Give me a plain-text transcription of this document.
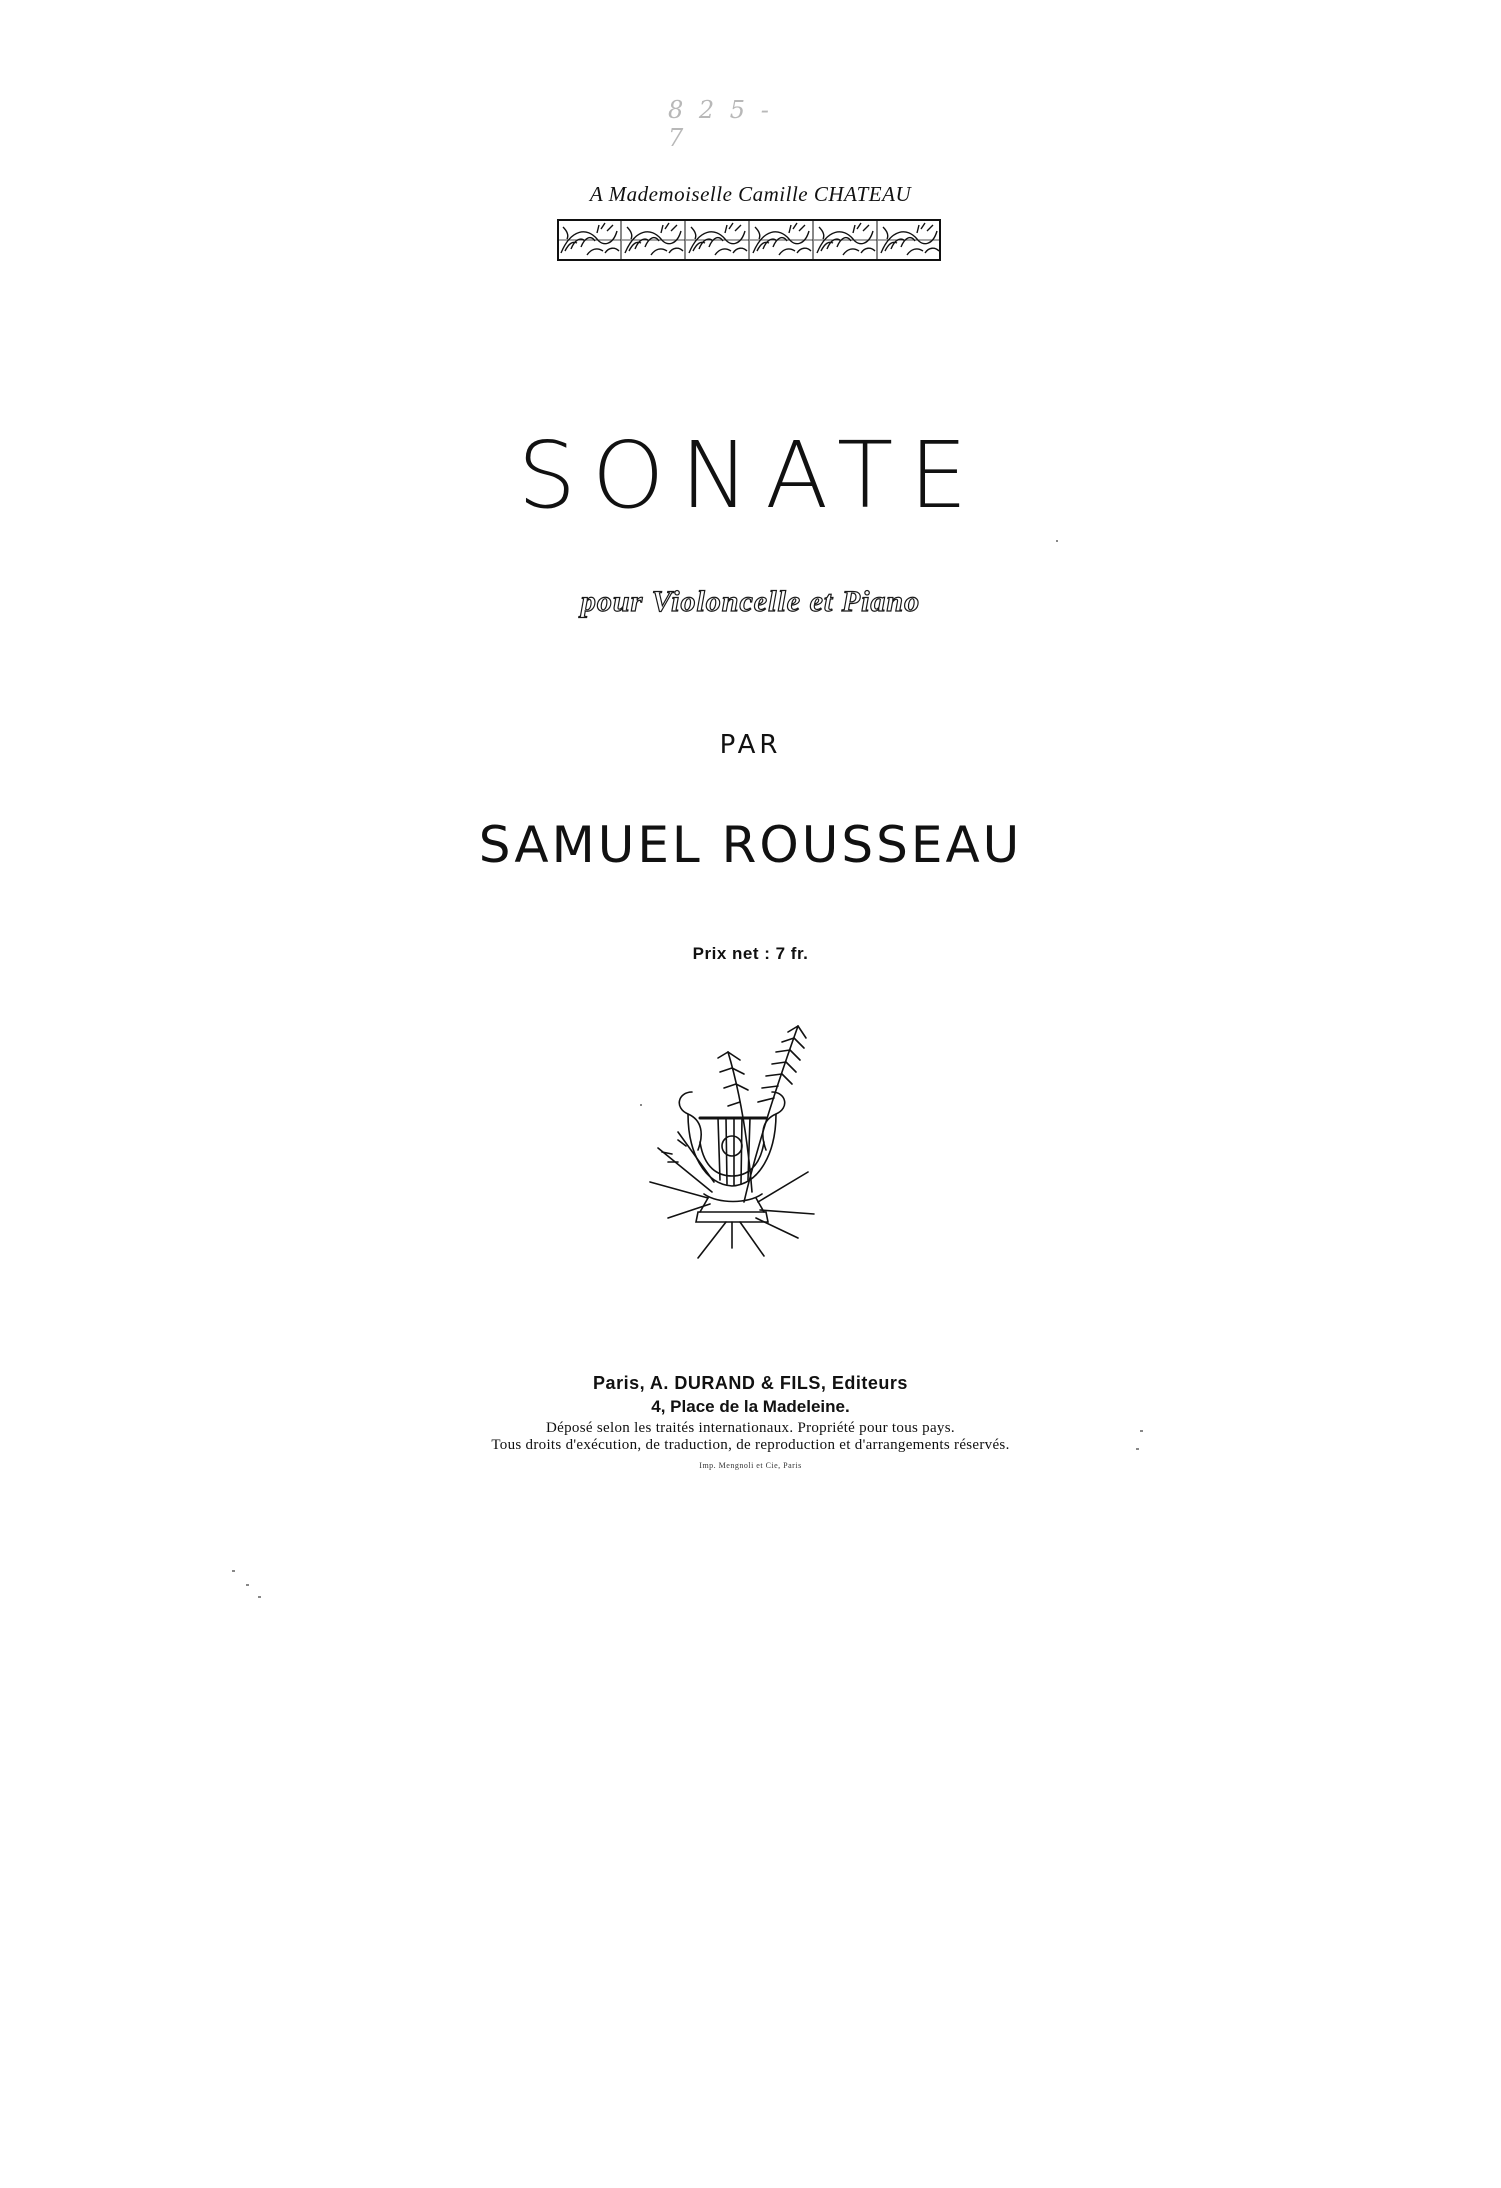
8 2 5 - 7
A Mademoiselle Camille CHATEAU
SONATE
pour Violoncelle et Piano
PAR
SAMUEL ROUSSEAU
Prix net : 7 fr.
Paris, A. DURAND & FILS, Editeurs
4, Place de la Madeleine.
Déposé selon les traités internationaux. Propriété pour tous pays.
Tous droits d'exécution, de traduction, de reproduction et d'arrangements réservés.
Imp. Mengnoli et Cie, Paris
